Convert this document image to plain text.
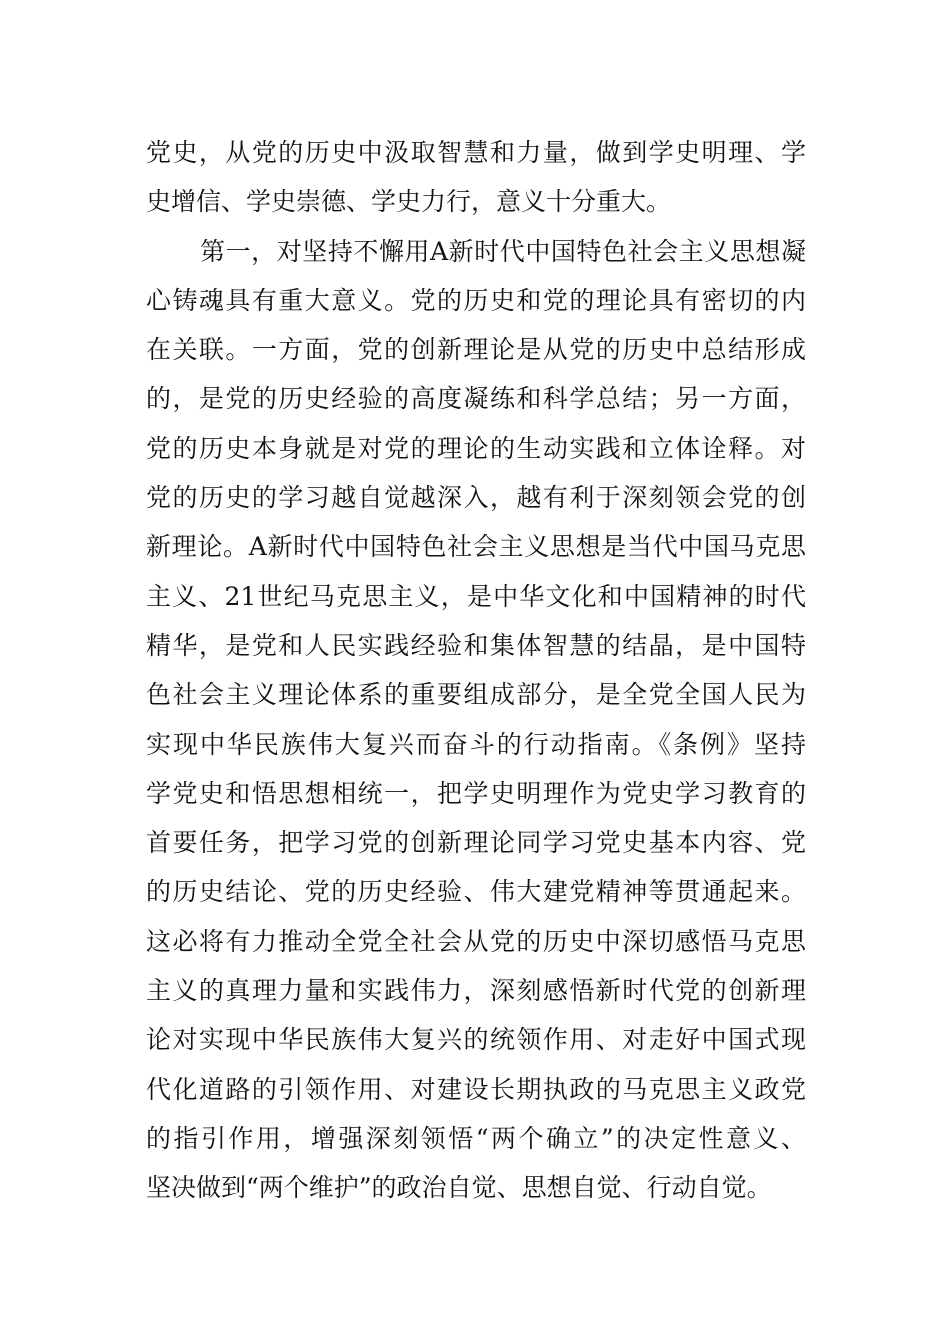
党史，从党的历史中汲取智慧和力量，做到学史明理、学
史增信、学史崇德、学史力行，意义十分重大。
第一，对坚持不懈用A新时代中国特色社会主义思想凝
心铸魂具有重大意义。党的历史和党的理论具有密切的内
在关联。一方面，党的创新理论是从党的历史中总结形成
的，是党的历史经验的高度凝练和科学总结；另一方面，
党的历史本身就是对党的理论的生动实践和立体诠释。对
党的历史的学习越自觉越深入，越有利于深刻领会党的创
新理论。A新时代中国特色社会主义思想是当代中国马克思
主义、21世纪马克思主义，是中华文化和中国精神的时代
精华，是党和人民实践经验和集体智慧的结晶，是中国特
色社会主义理论体系的重要组成部分，是全党全国人民为
实现中华民族伟大复兴而奋斗的行动指南。《条例》坚持
学党史和悟思想相统一，把学史明理作为党史学习教育的
首要任务，把学习党的创新理论同学习党史基本内容、党
的历史结论、党的历史经验、伟大建党精神等贯通起来。
这必将有力推动全党全社会从党的历史中深切感悟马克思
主义的真理力量和实践伟力，深刻感悟新时代党的创新理
论对实现中华民族伟大复兴的统领作用、对走好中国式现
代化道路的引领作用、对建设长期执政的马克思主义政党
的指引作用，增强深刻领悟“两个确立”的决定性意义、
坚决做到“两个维护”的政治自觉、思想自觉、行动自觉。
